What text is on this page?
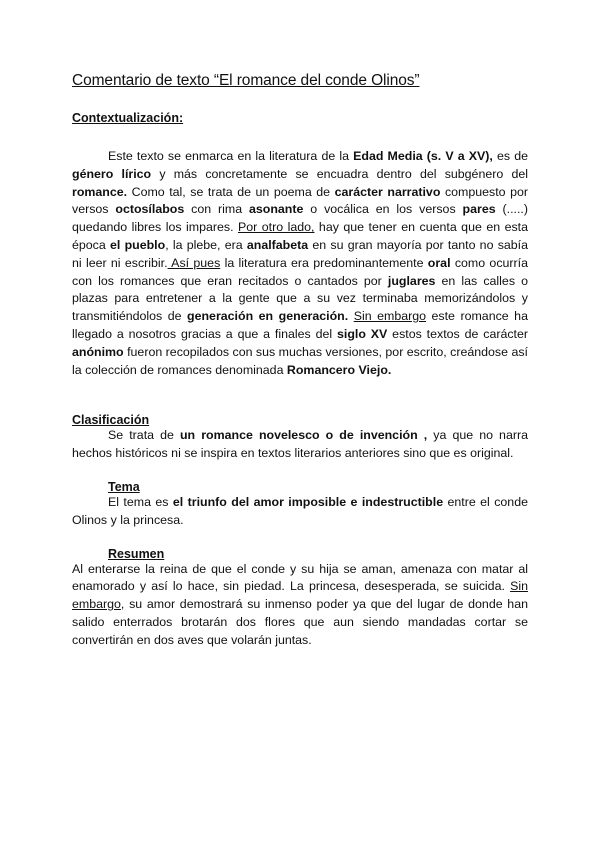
Comentario de texto “El romance del conde Olinos”
Contextualización:

Este texto se enmarca en la literatura de la Edad Media (s. V a XV), es de género lírico y más concretamente se encuadra dentro del subgénero del romance. Como tal, se trata de un poema de carácter narrativo compuesto por versos octosílabos con rima asonante o vocálica en los versos pares (.....) quedando libres los impares. Por otro lado, hay que tener en cuenta que en esta época el pueblo, la plebe, era analfabeta en su gran mayoría por tanto no sabía ni leer ni escribir. Así pues la literatura era predominantemente oral como ocurría con los romances que eran recitados o cantados por juglares en las calles o plazas para entretener a la gente que a su vez terminaba memorizándolos y transmitiéndolos de generación en generación. Sin embargo este romance ha llegado a nosotros gracias a que a finales del siglo XV estos textos de carácter anónimo fueron recopilados con sus muchas versiones, por escrito, creándose así la colección de romances denominada Romancero Viejo.

Clasificación

Se trata de un romance novelesco o de invención , ya que no narra hechos históricos ni se inspira en textos literarios anteriores sino que es original.

Tema

El tema es el triunfo del amor imposible e indestructible entre el conde Olinos y la princesa.

Resumen

Al enterarse la reina de que el conde y su hija se aman, amenaza con matar al enamorado y así lo hace, sin piedad. La princesa, desesperada, se suicida. Sin embargo, su amor demostrará su inmenso poder ya que del lugar de donde han salido enterrados brotarán dos flores que aun siendo mandadas cortar se convertirán en dos aves que volarán juntas.
